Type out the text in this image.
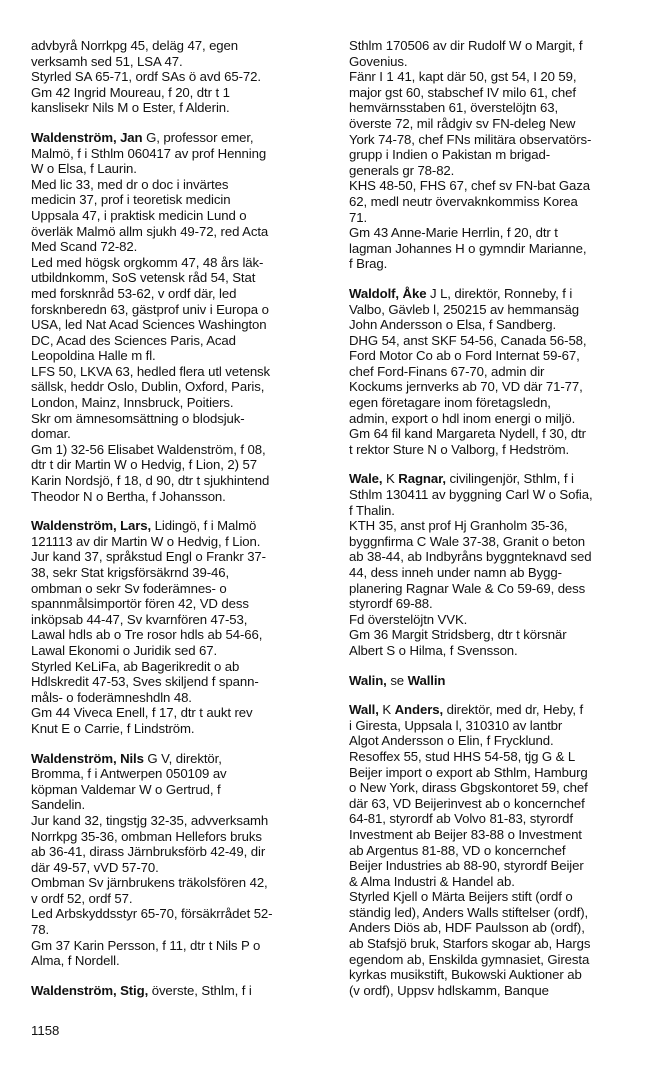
advbyrå Norrkpg 45, deläg 47, egen
verksamh sed 51, LSA 47.
Styrled SA 65-71, ordf SAs ö avd 65-72.
Gm 42 Ingrid Moureau, f 20, dtr t 1
kanslisekr Nils M o Ester, f Alderin.

Waldenström, Jan G, professor emer,
Malmö, f i Sthlm 060417 av prof Henning
W o Elsa, f Laurin.
Med lic 33, med dr o doc i invärtes
medicin 37, prof i teoretisk medicin
Uppsala 47, i praktisk medicin Lund o
överläk Malmö allm sjukh 49-72, red Acta
Med Scand 72-82.
Led med högsk orgkomm 47, 48 års läk-
utbildnkomm, SoS vetensk råd 54, Stat
med forsknråd 53-62, v ordf där, led
forsknberedn 63, gästprof univ i Europa o
USA, led Nat Acad Sciences Washington
DC, Acad des Sciences Paris, Acad
Leopoldina Halle m fl.
LFS 50, LKVA 63, hedled flera utl vetensk
sällsk, heddr Oslo, Dublin, Oxford, Paris,
London, Mainz, Innsbruck, Poitiers.
Skr om ämnesomsättning o blodsjuk-
domar.
Gm 1) 32-56 Elisabet Waldenström, f 08,
dtr t dir Martin W o Hedvig, f Lion, 2) 57
Karin Nordsjö, f 18, d 90, dtr t sjukhintend
Theodor N o Bertha, f Johansson.

Waldenström, Lars, Lidingö, f i Malmö
121113 av dir Martin W o Hedvig, f Lion.
Jur kand 37, språkstud Engl o Frankr 37-
38, sekr Stat krigsförsäkrnd 39-46,
ombman o sekr Sv foderämnes- o
spannmålsimportör fören 42, VD dess
inköpsab 44-47, Sv kvarnfören 47-53,
Lawal hdls ab o Tre rosor hdls ab 54-66,
Lawal Ekonomi o Juridik sed 67.
Styrled KeLiFa, ab Bagerikredit o ab
Hdlskredit 47-53, Sves skiljend f spann-
måls- o foderämneshdln 48.
Gm 44 Viveca Enell, f 17, dtr t aukt rev
Knut E o Carrie, f Lindström.

Waldenström, Nils G V, direktör,
Bromma, f i Antwerpen 050109 av
köpman Valdemar W o Gertrud, f
Sandelin.
Jur kand 32, tingstjg 32-35, advverksamh
Norrkpg 35-36, ombman Hellefors bruks
ab 36-41, dirass Järnbruksförb 42-49, dir
där 49-57, vVD 57-70.
Ombman Sv järnbrukens träkolsfören 42,
v ordf 52, ordf 57.
Led Arbskyddsstyr 65-70, försäkrrådet 52-
78.
Gm 37 Karin Persson, f 11, dtr t Nils P o
Alma, f Nordell.

Waldenström, Stig, överste, Sthlm, f i

Sthlm 170506 av dir Rudolf W o Margit, f
Govenius.
Fänr I 1 41, kapt där 50, gst 54, I 20 59,
major gst 60, stabschef IV milo 61, chef
hemvärnsstaben 61, överstelöjtn 63,
överste 72, mil rådgiv sv FN-deleg New
York 74-78, chef FNs militära observatörs-
grupp i Indien o Pakistan m brigad-
generals gr 78-82.
KHS 48-50, FHS 67, chef sv FN-bat Gaza
62, medl neutr övervaknkommiss Korea
71.
Gm 43 Anne-Marie Herrlin, f 20, dtr t
lagman Johannes H o gymndir Marianne,
f Brag.

Waldolf, Åke J L, direktör, Ronneby, f i
Valbo, Gävleb l, 250215 av hemmansäg
John Andersson o Elsa, f Sandberg.
DHG 54, anst SKF 54-56, Canada 56-58,
Ford Motor Co ab o Ford Internat 59-67,
chef Ford-Finans 67-70, admin dir
Kockums jernverks ab 70, VD där 71-77,
egen företagare inom företagsledn,
admin, export o hdl inom energi o miljö.
Gm 64 fil kand Margareta Nydell, f 30, dtr
t rektor Sture N o Valborg, f Hedström.

Wale, K Ragnar, civilingenjör, Sthlm, f i
Sthlm 130411 av byggning Carl W o Sofia,
f Thalin.
KTH 35, anst prof Hj Granholm 35-36,
byggnfirma C Wale 37-38, Granit o beton
ab 38-44, ab Indbyråns byggnteknavd sed
44, dess inneh under namn ab Bygg-
planering Ragnar Wale & Co 59-69, dess
styrordf 69-88.
Fd överstelöjtn VVK.
Gm 36 Margit Stridsberg, dtr t körsnär
Albert S o Hilma, f Svensson.

Walin, se Wallin

Wall, K Anders, direktör, med dr, Heby, f
i Giresta, Uppsala l, 310310 av lantbr
Algot Andersson o Elin, f Frycklund.
Resoffex 55, stud HHS 54-58, tjg G & L
Beijer import o export ab Sthlm, Hamburg
o New York, dirass Gbgskontoret 59, chef
där 63, VD Beijerinvest ab o koncernchef
64-81, styrordf ab Volvo 81-83, styrordf
Investment ab Beijer 83-88 o Investment
ab Argentus 81-88, VD o koncernchef
Beijer Industries ab 88-90, styrordf Beijer
& Alma Industri & Handel ab.
Styrled Kjell o Märta Beijers stift (ordf o
ständig led), Anders Walls stiftelser (ordf),
Anders Diös ab, HDF Paulsson ab (ordf),
ab Stafsjö bruk, Starfors skogar ab, Hargs
egendom ab, Enskilda gymnasiet, Giresta
kyrkas musikstift, Bukowski Auktioner ab
(v ordf), Uppsv hdlskamm, Banque

1158
